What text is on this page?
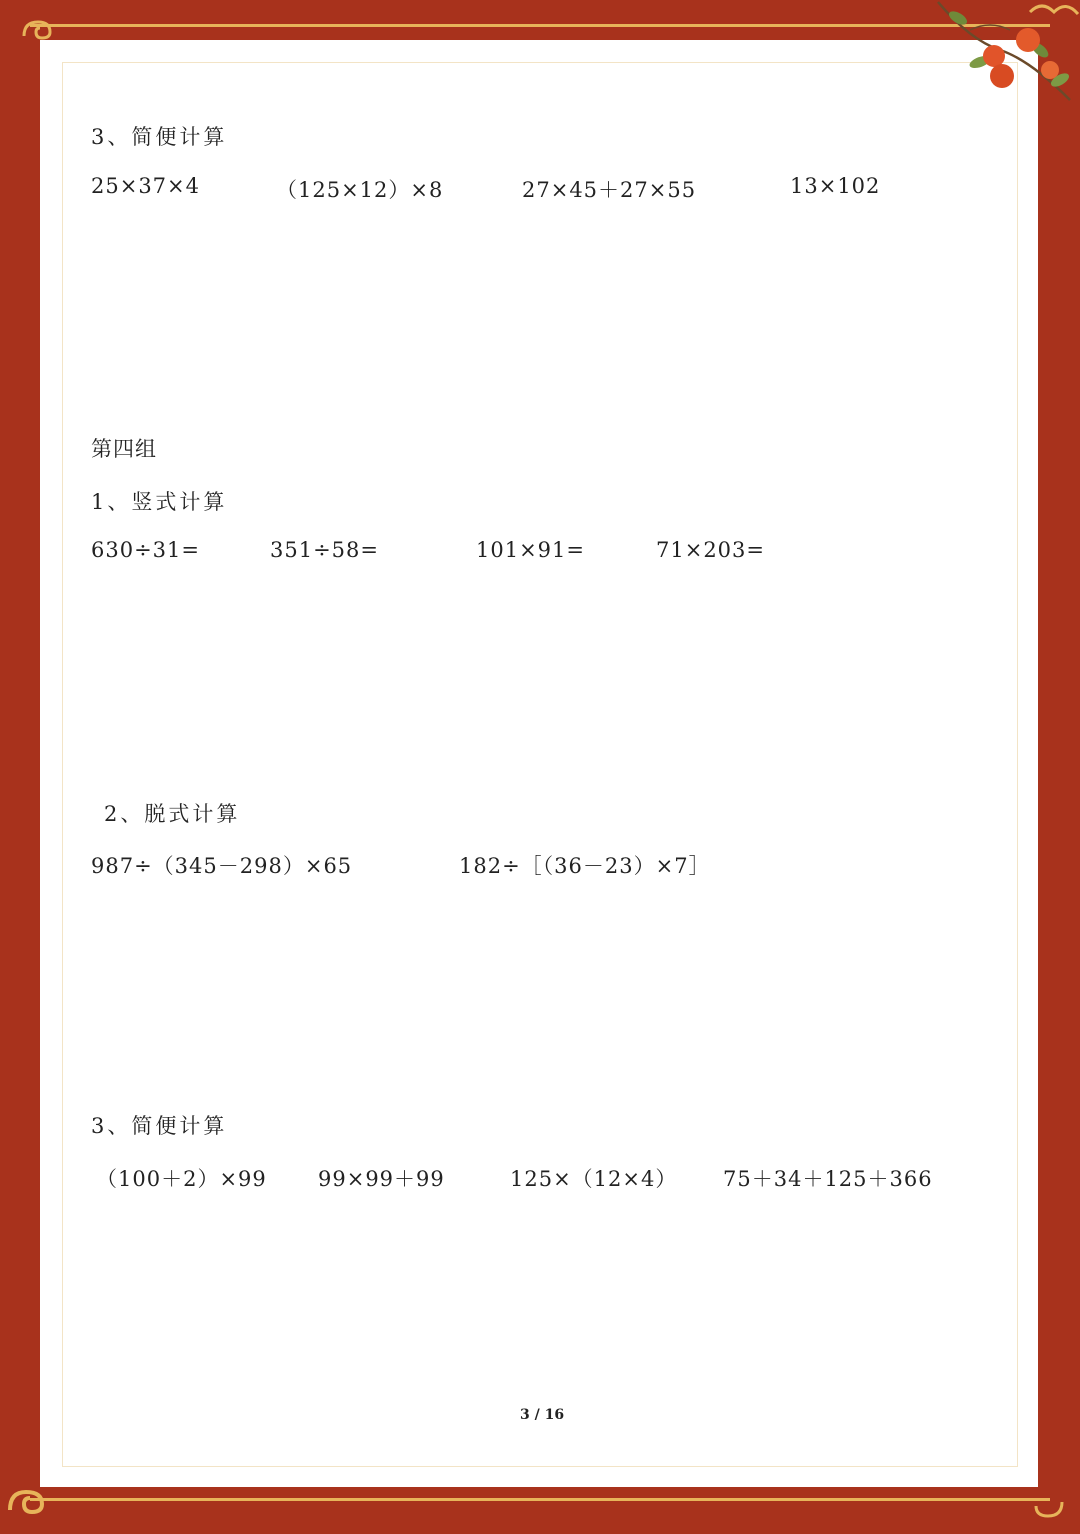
3、简便计算
25×37×4	（125×12）×8	27×45＋27×55	13×102
第四组
1、竖式计算
630÷31=	351÷58=	101×91=	71×203=
2、脱式计算
987÷（345－298）×65	182÷［（36－23）×7］
3、简便计算
（100＋2）×99 99×99＋99	125×（12×4） 75＋34＋125＋366
3 / 16
